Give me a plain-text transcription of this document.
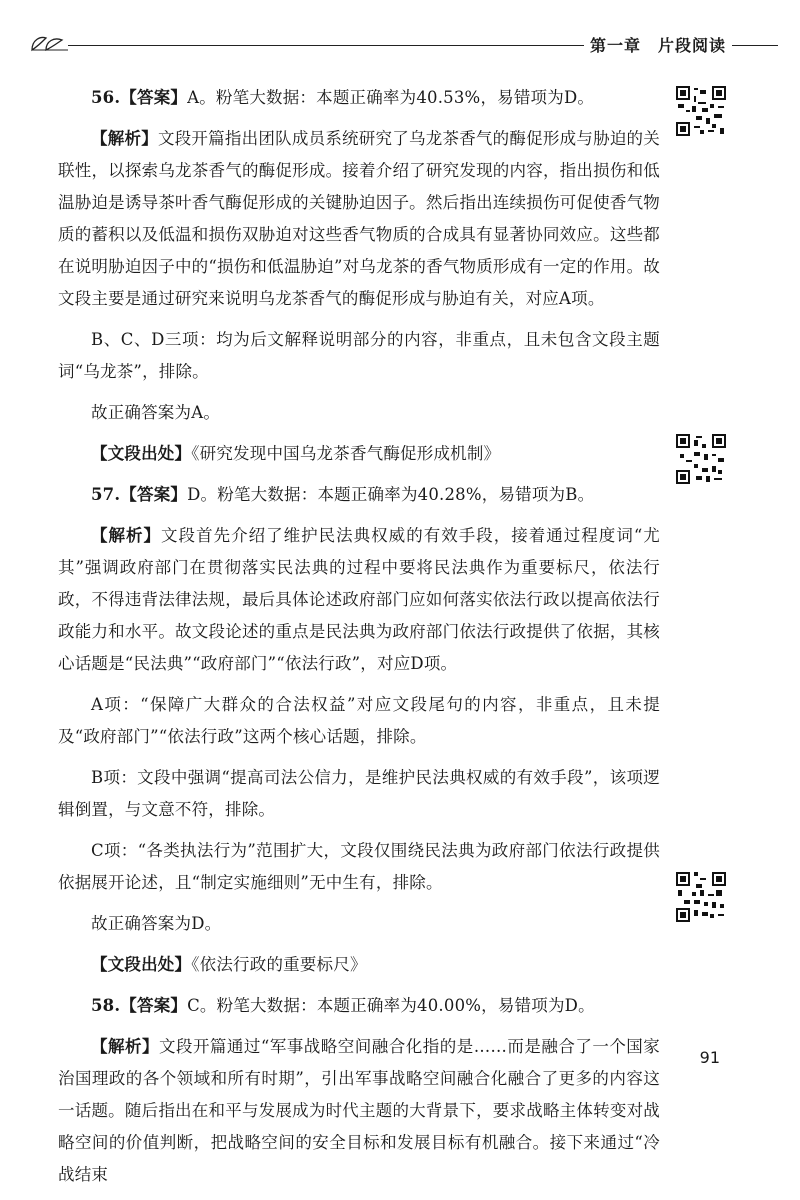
第一章　片段阅读

56.【答案】A。粉笔大数据：本题正确率为40.53%，易错项为D。

【解析】文段开篇指出团队成员系统研究了乌龙茶香气的酶促形成与胁迫的关联性，以探索乌龙茶香气的酶促形成。接着介绍了研究发现的内容，指出损伤和低温胁迫是诱导茶叶香气酶促形成的关键胁迫因子。然后指出连续损伤可促使香气物质的蓄积以及低温和损伤双胁迫对这些香气物质的合成具有显著协同效应。这些都在说明胁迫因子中的“损伤和低温胁迫”对乌龙茶的香气物质形成有一定的作用。故文段主要是通过研究来说明乌龙茶香气的酶促形成与胁迫有关，对应A项。

B、C、D三项：均为后文解释说明部分的内容，非重点，且未包含文段主题词“乌龙茶”，排除。

故正确答案为A。

【文段出处】《研究发现中国乌龙茶香气酶促形成机制》

57.【答案】D。粉笔大数据：本题正确率为40.28%，易错项为B。

【解析】文段首先介绍了维护民法典权威的有效手段，接着通过程度词“尤其”强调政府部门在贯彻落实民法典的过程中要将民法典作为重要标尺，依法行政，不得违背法律法规，最后具体论述政府部门应如何落实依法行政以提高依法行政能力和水平。故文段论述的重点是民法典为政府部门依法行政提供了依据，其核心话题是“民法典”“政府部门”“依法行政”，对应D项。

A项：“保障广大群众的合法权益”对应文段尾句的内容，非重点，且未提及“政府部门”“依法行政”这两个核心话题，排除。

B项：文段中强调“提高司法公信力，是维护民法典权威的有效手段”，该项逻辑倒置，与文意不符，排除。

C项：“各类执法行为”范围扩大，文段仅围绕民法典为政府部门依法行政提供依据展开论述，且“制定实施细则”无中生有，排除。

故正确答案为D。

【文段出处】《依法行政的重要标尺》

58.【答案】C。粉笔大数据：本题正确率为40.00%，易错项为D。

【解析】文段开篇通过“军事战略空间融合化指的是……而是融合了一个国家治国理政的各个领域和所有时期”，引出军事战略空间融合化融合了更多的内容这一话题。随后指出在和平与发展成为时代主题的大背景下，要求战略主体转变对战略空间的价值判断，把战略空间的安全目标和发展目标有机融合。接下来通过“冷战结束

91
